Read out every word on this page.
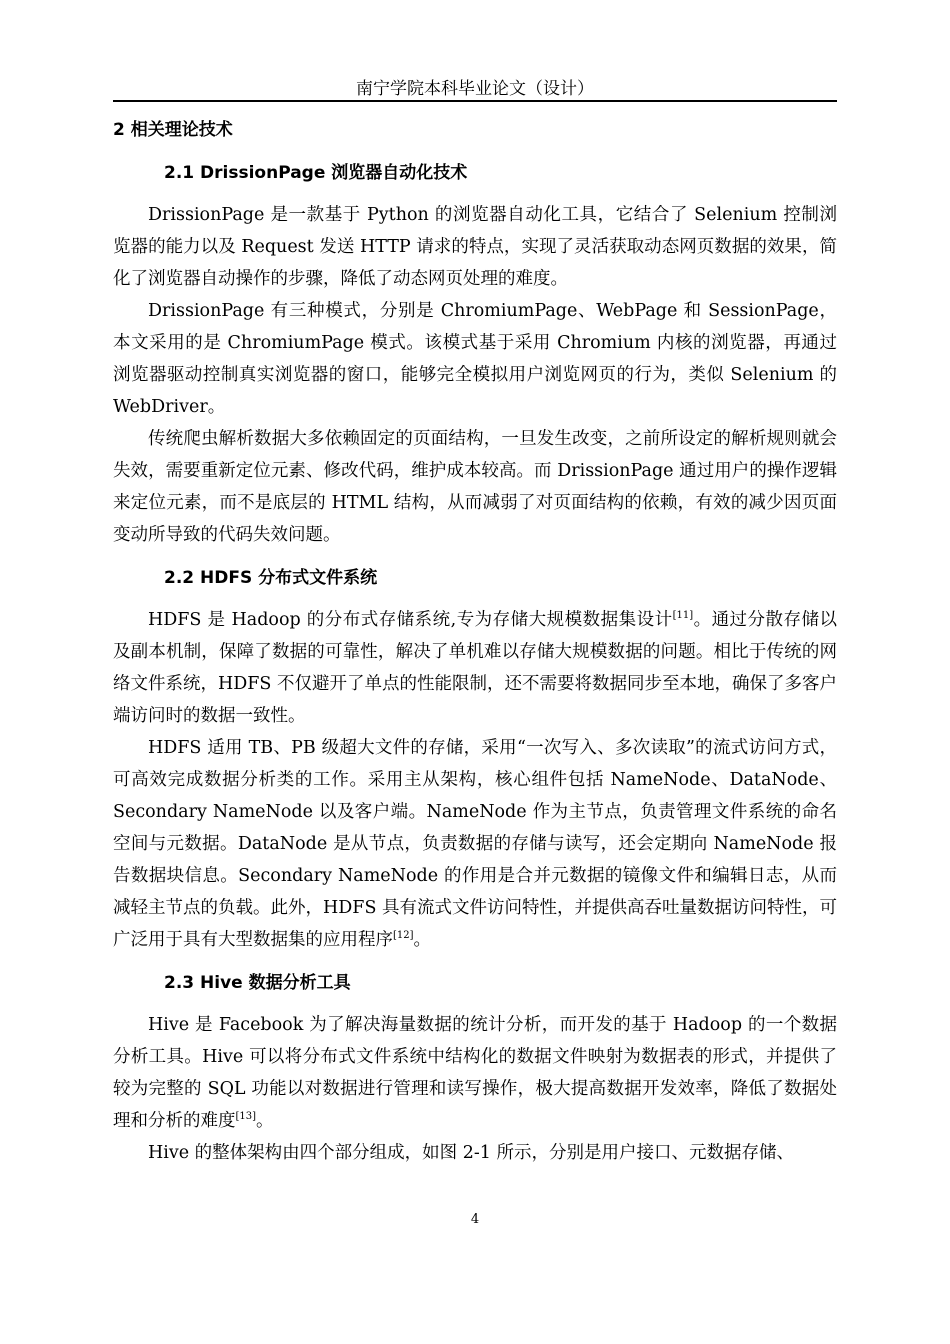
南宁学院本科毕业论文（设计）
2 相关理论技术
2.1 DrissionPage 浏览器自动化技术

DrissionPage 是一款基于 Python 的浏览器自动化工具，它结合了 Selenium 控制浏览器的能力以及 Request 发送 HTTP 请求的特点，实现了灵活获取动态网页数据的效果，简化了浏览器自动操作的步骤，降低了动态网页处理的难度。

DrissionPage 有三种模式，分别是 ChromiumPage、WebPage 和 SessionPage，本文采用的是 ChromiumPage 模式。该模式基于采用 Chromium 内核的浏览器，再通过浏览器驱动控制真实浏览器的窗口，能够完全模拟用户浏览网页的行为，类似 Selenium 的 WebDriver。

传统爬虫解析数据大多依赖固定的页面结构，一旦发生改变，之前所设定的解析规则就会失效，需要重新定位元素、修改代码，维护成本较高。而 DrissionPage 通过用户的操作逻辑来定位元素，而不是底层的 HTML 结构，从而减弱了对页面结构的依赖，有效的减少因页面变动所导致的代码失效问题。

2.2 HDFS 分布式文件系统

HDFS 是 Hadoop 的分布式存储系统,专为存储大规模数据集设计[11]。通过分散存储以及副本机制，保障了数据的可靠性，解决了单机难以存储大规模数据的问题。相比于传统的网络文件系统，HDFS 不仅避开了单点的性能限制，还不需要将数据同步至本地，确保了多客户端访问时的数据一致性。

HDFS 适用 TB、PB 级超大文件的存储，采用“一次写入、多次读取”的流式访问方式，可高效完成数据分析类的工作。采用主从架构，核心组件包括 NameNode、DataNode、Secondary NameNode 以及客户端。NameNode 作为主节点，负责管理文件系统的命名空间与元数据。DataNode 是从节点，负责数据的存储与读写，还会定期向 NameNode 报告数据块信息。Secondary NameNode 的作用是合并元数据的镜像文件和编辑日志，从而减轻主节点的负载。此外，HDFS 具有流式文件访问特性，并提供高吞吐量数据访问特性，可广泛用于具有大型数据集的应用程序[12]。

2.3 Hive 数据分析工具

Hive 是 Facebook 为了解决海量数据的统计分析，而开发的基于 Hadoop 的一个数据分析工具。Hive 可以将分布式文件系统中结构化的数据文件映射为数据表的形式，并提供了较为完整的 SQL 功能以对数据进行管理和读写操作，极大提高数据开发效率，降低了数据处理和分析的难度[13]。

Hive 的整体架构由四个部分组成，如图 2-1 所示，分别是用户接口、元数据存储、

4
